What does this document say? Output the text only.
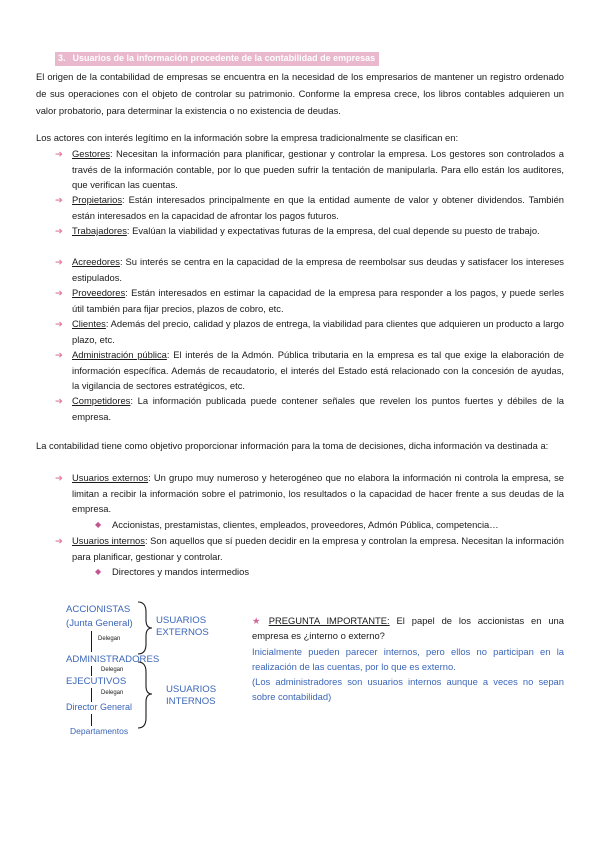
3. Usuarios de la información procedente de la contabilidad de empresas
El origen de la contabilidad de empresas se encuentra en la necesidad de los empresarios de mantener un registro ordenado de sus operaciones con el objeto de controlar su patrimonio. Conforme la empresa crece, los libros contables adquieren un valor probatorio, para determinar la existencia o no existencia de deudas.
Los actores con interés legítimo en la información sobre la empresa tradicionalmente se clasifican en:
➔ Gestores: Necesitan la información para planificar, gestionar y controlar la empresa. Los gestores son controlados a través de la información contable, por lo que pueden sufrir la tentación de manipularla. Para ello están los auditores, que verifican las cuentas.
➔ Propietarios: Están interesados principalmente en que la entidad aumente de valor y obtener dividendos. También están interesados en la capacidad de afrontar los pagos futuros.
➔ Trabajadores: Evalúan la viabilidad y expectativas futuras de la empresa, del cual depende su puesto de trabajo.
➔ Acreedores: Su interés se centra en la capacidad de la empresa de reembolsar sus deudas y satisfacer los intereses estipulados.
➔ Proveedores: Están interesados en estimar la capacidad de la empresa para responder a los pagos, y puede serles útil también para fijar precios, plazos de cobro, etc.
➔ Clientes: Además del precio, calidad y plazos de entrega, la viabilidad para clientes que adquieren un producto a largo plazo, etc.
➔ Administración pública: El interés de la Admón. Pública tributaria en la empresa es tal que exige la elaboración de información específica. Además de recaudatorio, el interés del Estado está relacionado con la concesión de ayudas, la vigilancia de sectores estratégicos, etc.
➔ Competidores: La información publicada puede contener señales que revelen los puntos fuertes y débiles de la empresa.
La contabilidad tiene como objetivo proporcionar información para la toma de decisiones, dicha información va destinada a:
➔ Usuarios externos: Un grupo muy numeroso y heterogéneo que no elabora la información ni controla la empresa, se limitan a recibir la información sobre el patrimonio, los resultados o la capacidad de hacer frente a sus deudas de la empresa.
◆ Accionistas, prestamistas, clientes, empleados, proveedores, Admón Pública, competencia…
➔ Usuarios internos: Son aquellos que sí pueden decidir en la empresa y controlan la empresa. Necesitan la información para planificar, gestionar y controlar.
◆ Directores y mandos intermedios
ACCIONISTAS
(Junta General)
Delegan
ADMINISTRADORES
Delegan
EJECUTIVOS
Delegan
Director General
Departamentos
USUARIOS
EXTERNOS
USUARIOS
INTERNOS
★ PREGUNTA IMPORTANTE: El papel de los accionistas en una empresa es ¿interno o externo?
Inicialmente pueden parecer internos, pero ellos no participan en la realización de las cuentas, por lo que es externo.
(Los administradores son usuarios internos aunque a veces no sepan sobre contabilidad)
